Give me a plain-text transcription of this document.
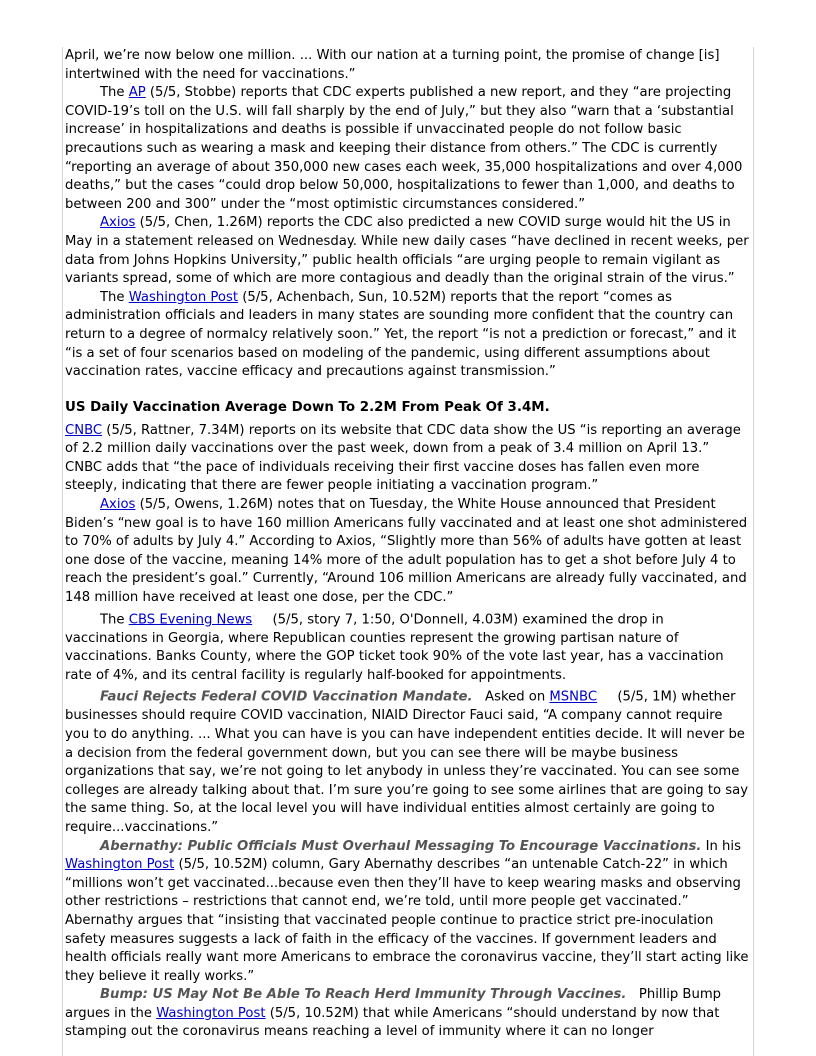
April, we’re now below one million. ... With our nation at a turning point, the promise of change [is] intertwined with the need for vaccinations.”

The AP (5/5, Stobbe) reports that CDC experts published a new report, and they “are projecting COVID-19’s toll on the U.S. will fall sharply by the end of July,” but they also “warn that a ‘substantial increase’ in hospitalizations and deaths is possible if unvaccinated people do not follow basic precautions such as wearing a mask and keeping their distance from others.” The CDC is currently “reporting an average of about 350,000 new cases each week, 35,000 hospitalizations and over 4,000 deaths,” but the cases “could drop below 50,000, hospitalizations to fewer than 1,000, and deaths to between 200 and 300” under the “most optimistic circumstances considered.”

Axios (5/5, Chen, 1.26M) reports the CDC also predicted a new COVID surge would hit the US in May in a statement released on Wednesday. While new daily cases “have declined in recent weeks, per data from Johns Hopkins University,” public health officials “are urging people to remain vigilant as variants spread, some of which are more contagious and deadly than the original strain of the virus.”

The Washington Post (5/5, Achenbach, Sun, 10.52M) reports that the report “comes as administration officials and leaders in many states are sounding more confident that the country can return to a degree of normalcy relatively soon.” Yet, the report “is not a prediction or forecast,” and it “is a set of four scenarios based on modeling of the pandemic, using different assumptions about vaccination rates, vaccine efficacy and precautions against transmission.”

US Daily Vaccination Average Down To 2.2M From Peak Of 3.4M.

CNBC (5/5, Rattner, 7.34M) reports on its website that CDC data show the US “is reporting an average of 2.2 million daily vaccinations over the past week, down from a peak of 3.4 million on April 13.” CNBC adds that “the pace of individuals receiving their first vaccine doses has fallen even more steeply, indicating that there are fewer people initiating a vaccination program.”

Axios (5/5, Owens, 1.26M) notes that on Tuesday, the White House announced that President Biden’s “new goal is to have 160 million Americans fully vaccinated and at least one shot administered to 70% of adults by July 4.” According to Axios, “Slightly more than 56% of adults have gotten at least one dose of the vaccine, meaning 14% more of the adult population has to get a shot before July 4 to reach the president’s goal.” Currently, “Around 106 million Americans are already fully vaccinated, and 148 million have received at least one dose, per the CDC.”

The CBS Evening News◦    (5/5, story 7, 1:50, O'Donnell, 4.03M) examined the drop in vaccinations in Georgia, where Republican counties represent the growing partisan nature of vaccinations. Banks County, where the GOP ticket took 90% of the vote last year, has a vaccination rate of 4%, and its central facility is regularly half-booked for appointments.

Fauci Rejects Federal COVID Vaccination Mandate. Asked on MSNBC◦    (5/5, 1M) whether businesses should require COVID vaccination, NIAID Director Fauci said, “A company cannot require you to do anything. ... What you can have is you can have independent entities decide. It will never be a decision from the federal government down, but you can see there will be maybe business organizations that say, we’re not going to let anybody in unless they’re vaccinated. You can see some colleges are already talking about that. I’m sure you’re going to see some airlines that are going to say the same thing. So, at the local level you will have individual entities almost certainly are going to require...vaccinations.”

Abernathy: Public Officials Must Overhaul Messaging To Encourage Vaccinations. In his Washington Post (5/5, 10.52M) column, Gary Abernathy describes “an untenable Catch-22” in which “millions won’t get vaccinated...because even then they’ll have to keep wearing masks and observing other restrictions – restrictions that cannot end, we’re told, until more people get vaccinated.” Abernathy argues that “insisting that vaccinated people continue to practice strict pre-inoculation safety measures suggests a lack of faith in the efficacy of the vaccines. If government leaders and health officials really want more Americans to embrace the coronavirus vaccine, they’ll start acting like they believe it really works.”

Bump: US May Not Be Able To Reach Herd Immunity Through Vaccines. Phillip Bump argues in the Washington Post (5/5, 10.52M) that while Americans “should understand by now that stamping out the coronavirus means reaching a level of immunity where it can no longer
